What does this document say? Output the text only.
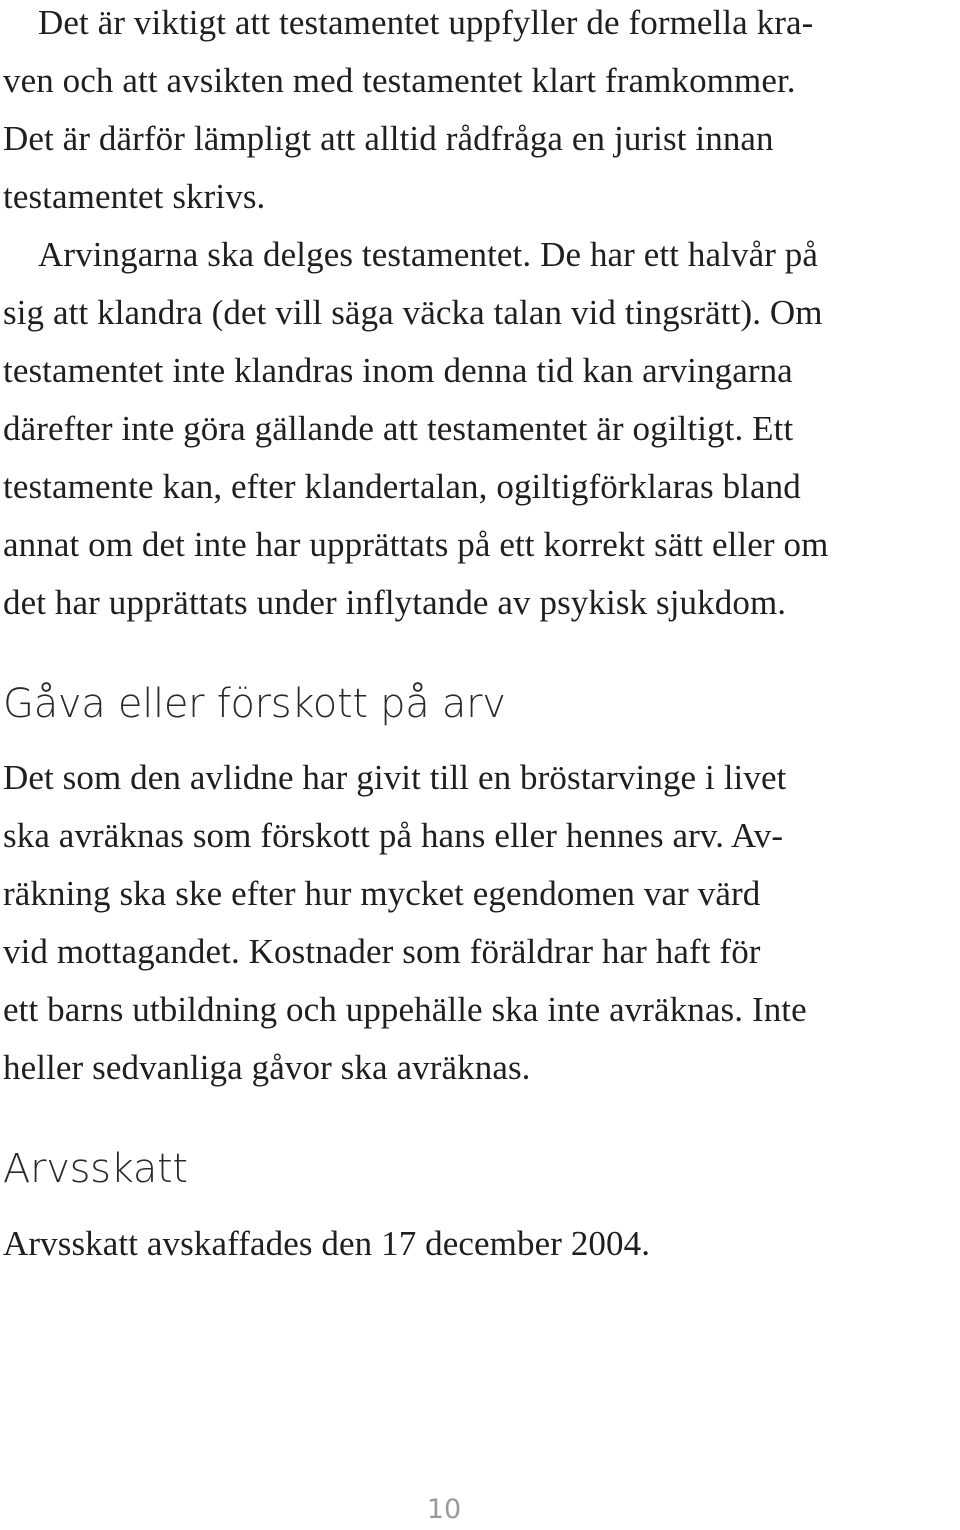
Det är viktigt att testamentet uppfyller de formella kra-
ven och att avsikten med testamentet klart framkommer.
Det är därför lämpligt att alltid rådfråga en jurist innan
testamentet skrivs.
Arvingarna ska delges testamentet. De har ett halvår på
sig att klandra (det vill säga väcka talan vid tingsrätt). Om
testamentet inte klandras inom denna tid kan arvingarna
därefter inte göra gällande att testamentet är ogiltigt. Ett
testamente kan, efter klandertalan, ogiltigförklaras bland
annat om det inte har upprättats på ett korrekt sätt eller om
det har upprättats under inflytande av psykisk sjukdom.
Gåva eller förskott på arv
Det som den avlidne har givit till en bröstarvinge i livet
ska avräknas som förskott på hans eller hennes arv. Av-
räkning ska ske efter hur mycket egendomen var värd
vid mottagandet. Kostnader som föräldrar har haft för
ett barns utbildning och uppehälle ska inte avräknas. Inte
heller sedvanliga gåvor ska avräknas.
Arvsskatt
Arvsskatt avskaffades den 17 december 2004.
10
